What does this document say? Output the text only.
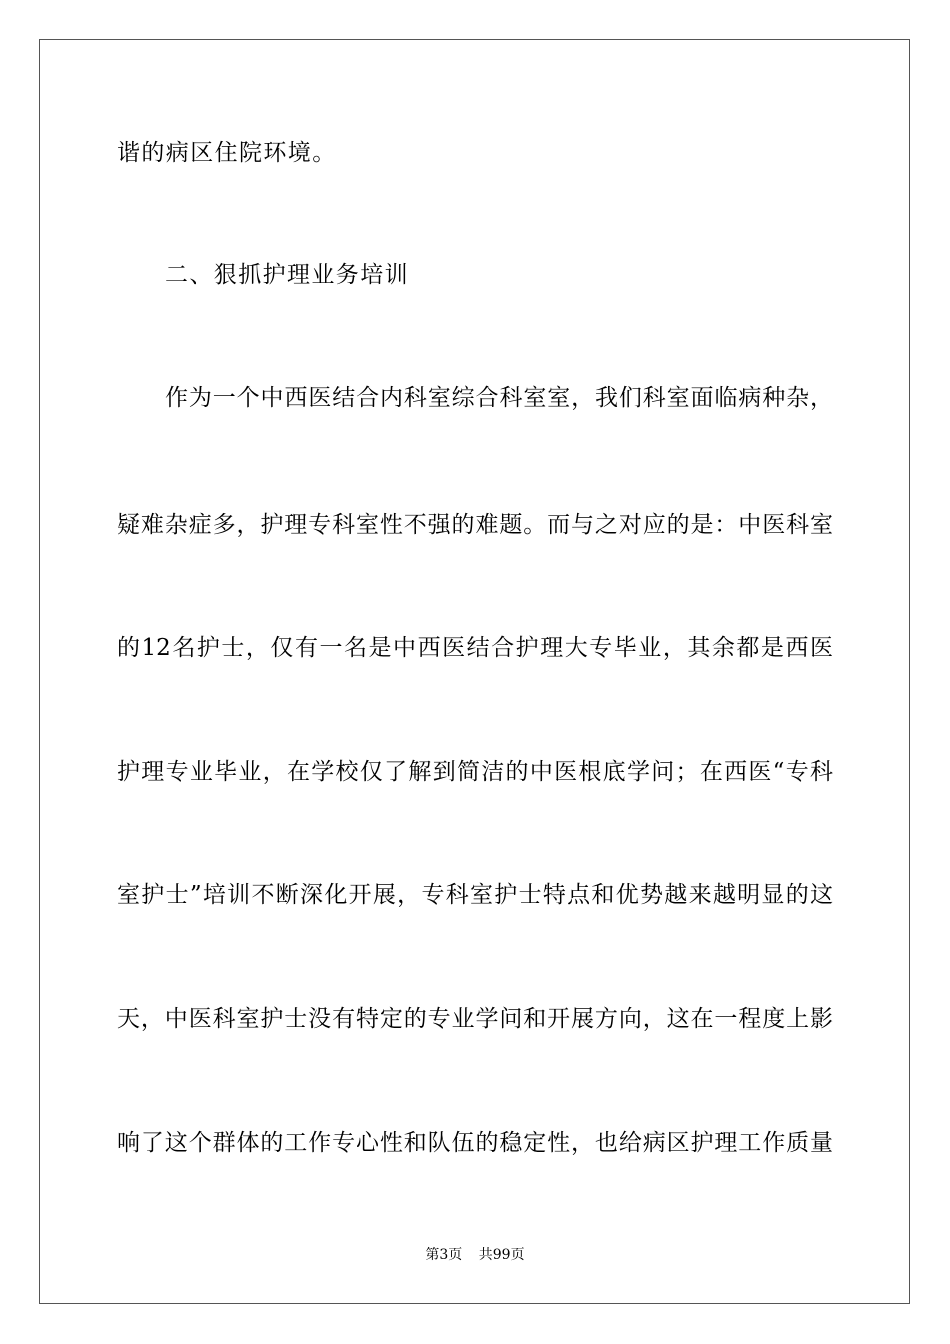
谐的病区住院环境。
二、狠抓护理业务培训
作为一个中西医结合内科室综合科室室，我们科室面临病种杂，
疑难杂症多，护理专科室性不强的难题。而与之对应的是：中医科室
的12名护士，仅有一名是中西医结合护理大专毕业，其余都是西医
护理专业毕业，在学校仅了解到简洁的中医根底学问；在西医“专科
室护士”培训不断深化开展，专科室护士特点和优势越来越明显的这
天，中医科室护士没有特定的专业学问和开展方向，这在一程度上影
响了这个群体的工作专心性和队伍的稳定性，也给病区护理工作质量
第3页 共99页
